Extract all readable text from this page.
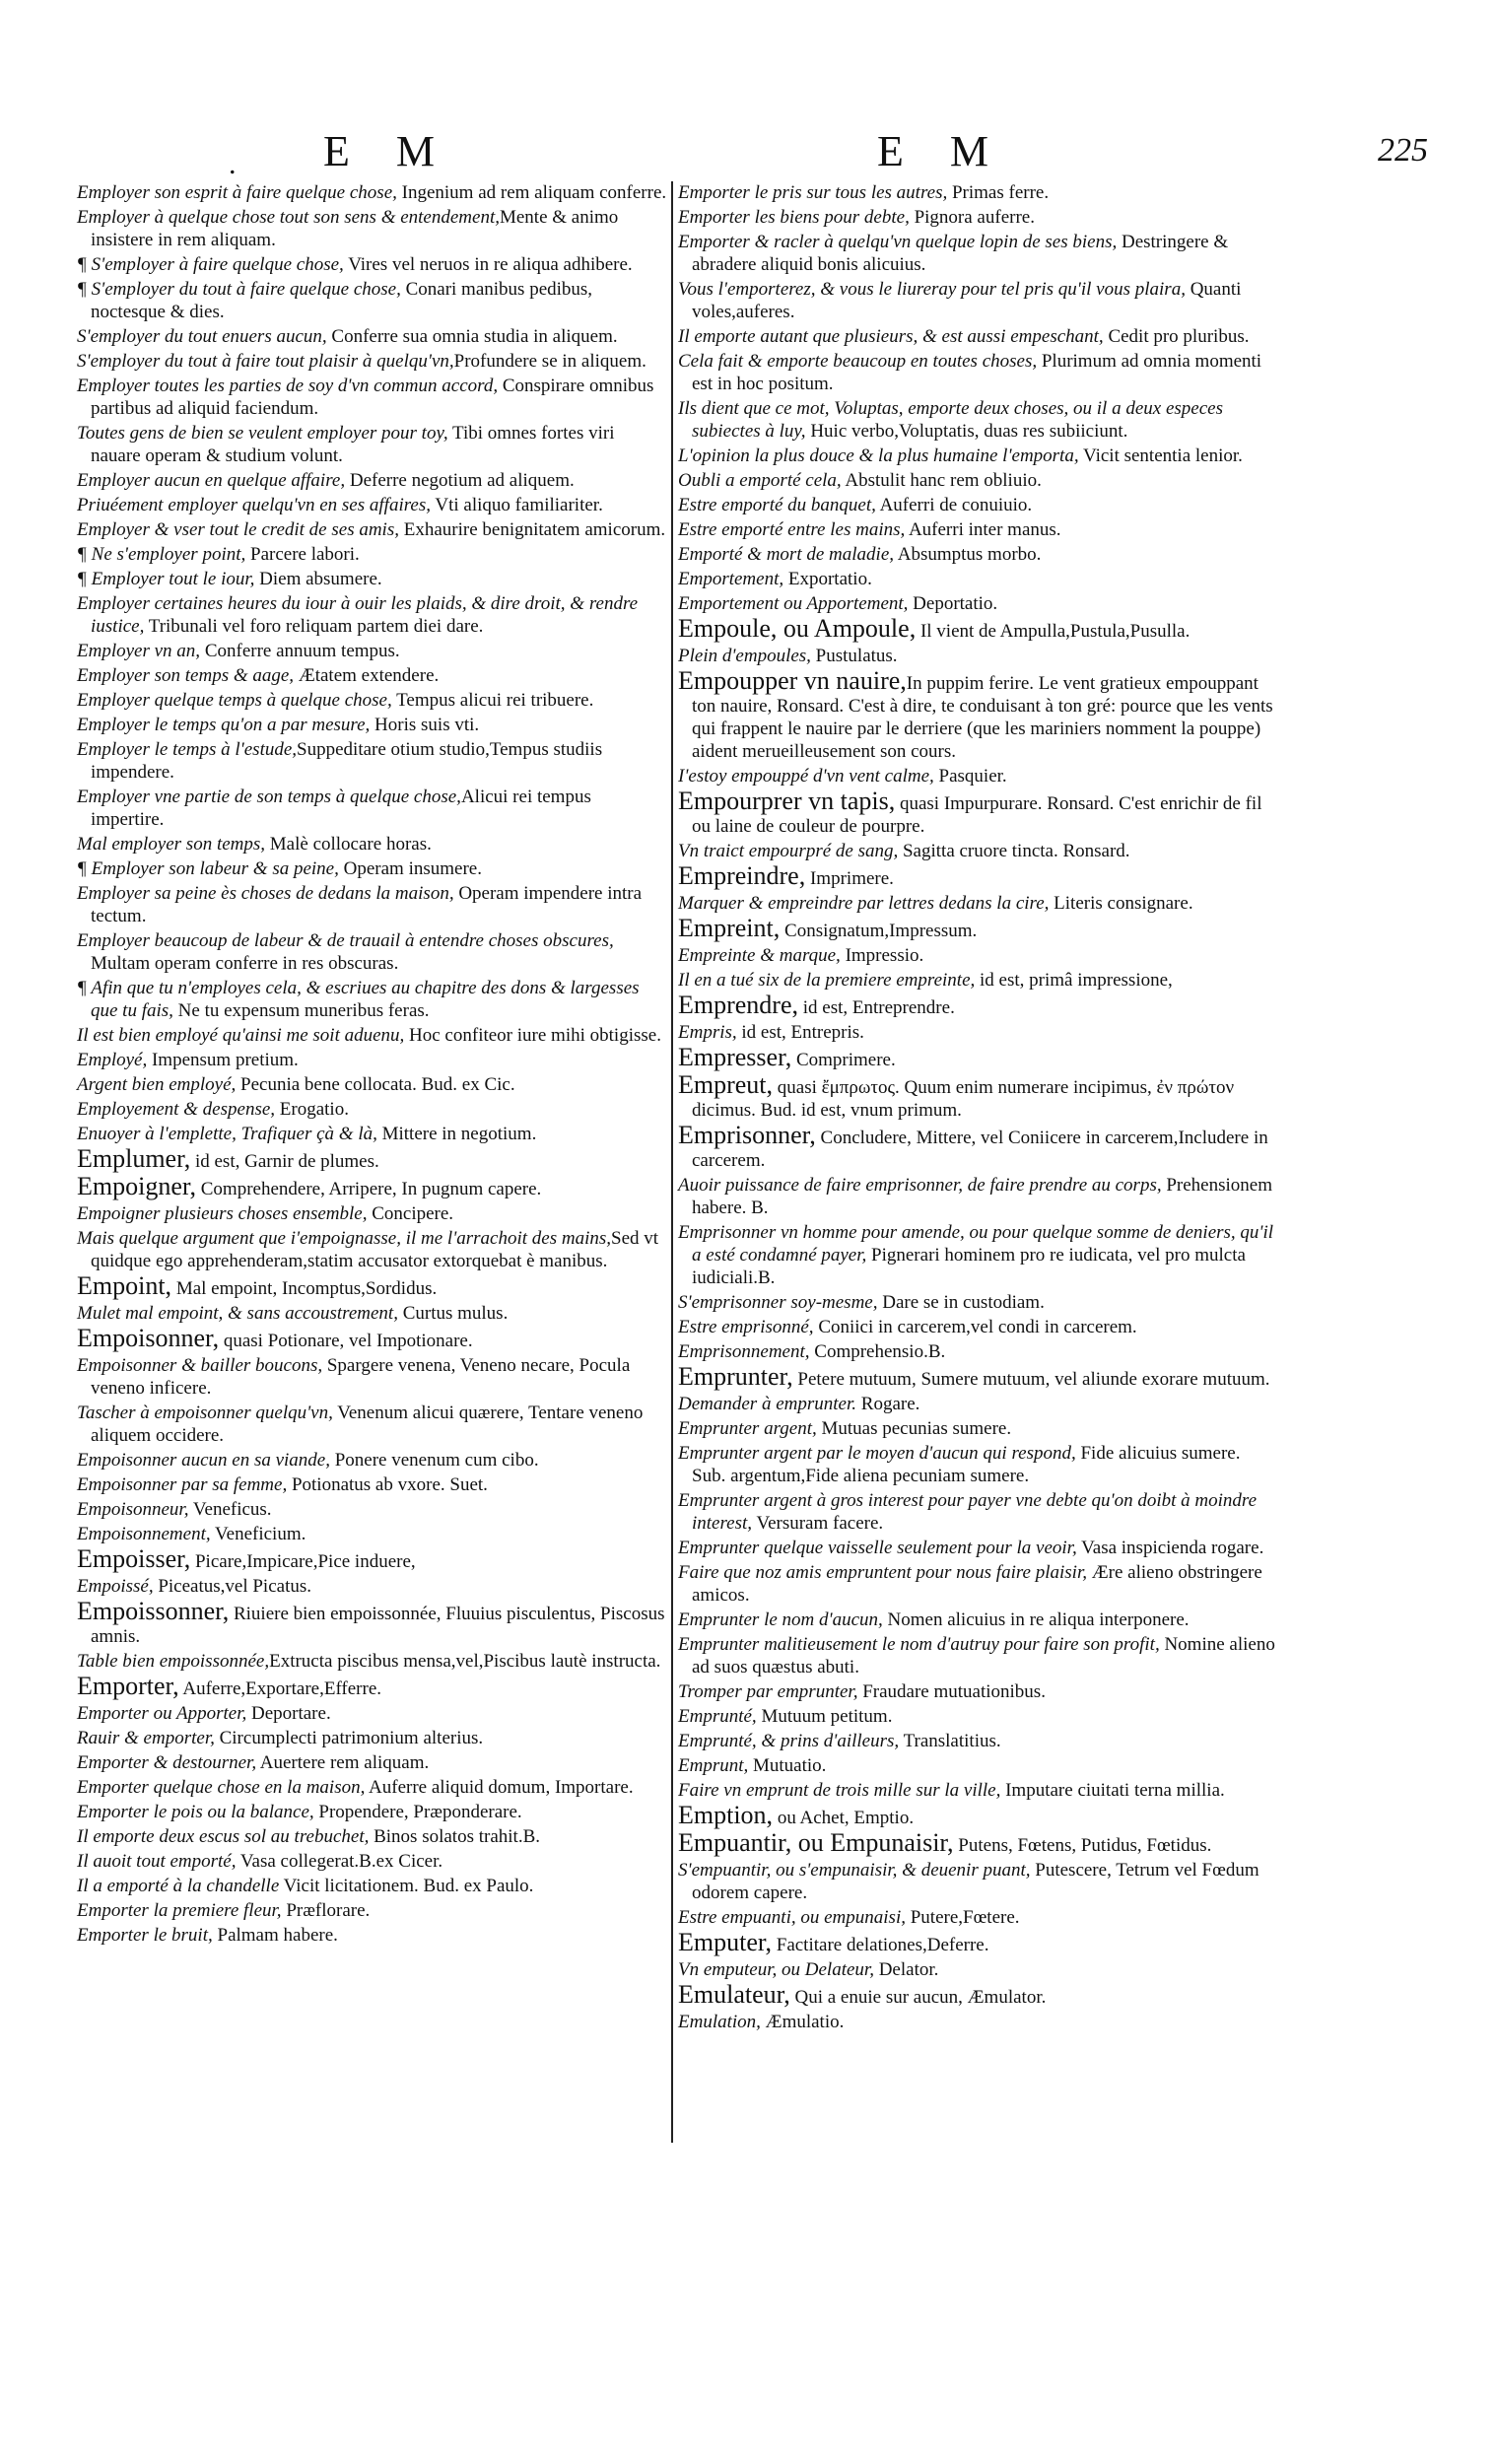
. E M	E M	225
Employer son esprit à faire quelque chose, Ingenium ad rem aliquam conferre.
Employer à quelque chose tout son sens & entendement,Mente & animo insistere in rem aliquam.
¶ S'employer à faire quelque chose, Vires vel neruos in re aliqua adhibere.
¶ S'employer du tout à faire quelque chose, Conari manibus pedibus, noctesque & dies.
S'employer du tout enuers aucun, Conferre sua omnia studia in aliquem.
S'employer du tout à faire tout plaisir à quelqu'vn,Profundere se in aliquem.
Employer toutes les parties de soy d'vn commun accord, Conspirare omnibus partibus ad aliquid faciendum.
Toutes gens de bien se veulent employer pour toy, Tibi omnes fortes viri nauare operam & studium volunt.
Employer aucun en quelque affaire, Deferre negotium ad aliquem.
Priuéement employer quelqu'vn en ses affaires, Vti aliquo familiariter.
Employer & vser tout le credit de ses amis, Exhaurire benignitatem amicorum.
¶ Ne s'employer point, Parcere labori.
¶ Employer tout le iour, Diem absumere.
Employer certaines heures du iour à ouir les plaids, & dire droit, & rendre iustice, Tribunali vel foro reliquam partem diei dare.
Employer vn an, Conferre annuum tempus.
Employer son temps & aage, Ætatem extendere.
Employer quelque temps à quelque chose, Tempus alicui rei tribuere.
Employer le temps qu'on a par mesure, Horis suis vti.
Employer le temps à l'estude,Suppeditare otium studio,Tempus studiis impendere.
Employer vne partie de son temps à quelque chose,Alicui rei tempus impertire.
Mal employer son temps, Malè collocare horas.
¶ Employer son labeur & sa peine, Operam insumere.
Employer sa peine ès choses de dedans la maison, Operam impendere intra tectum.
Employer beaucoup de labeur & de trauail à entendre choses obscures, Multam operam conferre in res obscuras.
¶ Afin que tu n'employes cela, & escriues au chapitre des dons & largesses que tu fais, Ne tu expensum muneribus feras.
Il est bien employé qu'ainsi me soit aduenu, Hoc confiteor iure mihi obtigisse.
Employé, Impensum pretium.
Argent bien employé, Pecunia bene collocata. Bud. ex Cic.
Employement & despense, Erogatio.
Enuoyer à l'emplette, Trafiquer çà & là, Mittere in negotium.
Emplumer, id est, Garnir de plumes.
Empoigner, Comprehendere, Arripere, In pugnum capere.
Empoigner plusieurs choses ensemble, Concipere.
Mais quelque argument que i'empoignasse, il me l'arrachoit des mains,Sed vt quidque ego apprehenderam,statim accusator extorquebat è manibus.
Empoint, Mal empoint, Incomptus,Sordidus.
Mulet mal empoint, & sans accoustrement, Curtus mulus.
Empoisonner, quasi Potionare, vel Impotionare.
Empoisonner & bailler boucons, Spargere venena, Veneno necare, Pocula veneno inficere.
Tascher à empoisonner quelqu'vn, Venenum alicui quærere, Tentare veneno aliquem occidere.
Empoisonner aucun en sa viande, Ponere venenum cum cibo.
Empoisonner par sa femme, Potionatus ab vxore. Suet.
Empoisonneur, Veneficus.
Empoisonnement, Veneficium.
Empoisser, Picare,Impicare,Pice induere,
Empoissé, Piceatus,vel Picatus.
Empoissonner, Riuiere bien empoissonnée, Fluuius pisculentus, Piscosus amnis.
Table bien empoissonnée,Extructa piscibus mensa,vel,Piscibus lautè instructa.
Emporter, Auferre,Exportare,Efferre.
Emporter ou Apporter, Deportare.
Rauir & emporter, Circumplecti patrimonium alterius.
Emporter & destourner, Auertere rem aliquam.
Emporter quelque chose en la maison, Auferre aliquid domum, Importare.
Emporter le pois ou la balance, Propendere, Præponderare.
Il emporte deux escus sol au trebuchet, Binos solatos trahit.B.
Il auoit tout emporté, Vasa collegerat.B.ex Cicer.
Il a emporté à la chandelle Vicit licitationem. Bud. ex Paulo.
Emporter la premiere fleur, Præflorare.
Emporter le bruit, Palmam habere.
Emporter le pris sur tous les autres, Primas ferre.
Emporter les biens pour debte, Pignora auferre.
Emporter & racler à quelqu'vn quelque lopin de ses biens, Destringere & abradere aliquid bonis alicuius.
Vous l'emporterez, & vous le liureray pour tel pris qu'il vous plaira, Quanti voles,auferes.
Il emporte autant que plusieurs, & est aussi empeschant, Cedit pro pluribus.
Cela fait & emporte beaucoup en toutes choses, Plurimum ad omnia momenti est in hoc positum.
Ils dient que ce mot, Voluptas, emporte deux choses, ou il a deux especes subiectes à luy, Huic verbo,Voluptatis, duas res subiiciunt.
L'opinion la plus douce & la plus humaine l'emporta, Vicit sententia lenior.
Oubli a emporté cela, Abstulit hanc rem obliuio.
Estre emporté du banquet, Auferri de conuiuio.
Estre emporté entre les mains, Auferri inter manus.
Emporté & mort de maladie, Absumptus morbo.
Emportement, Exportatio.
Emportement ou Apportement, Deportatio.
Empoule, ou Ampoule, Il vient de Ampulla,Pustula,Pusulla.
Plein d'empoules, Pustulatus.
Empoupper vn nauire,In puppim ferire. Le vent gratieux empouppant ton nauire, Ronsard. C'est à dire, te conduisant à ton gré: pource que les vents qui frappent le nauire par le derriere (que les mariniers nomment la pouppe) aident merueilleusement son cours.
I'estoy empouppé d'vn vent calme, Pasquier.
Empourprer vn tapis, quasi Impurpurare. Ronsard. C'est enrichir de fil ou laine de couleur de pourpre.
Vn traict empourpré de sang, Sagitta cruore tincta. Ronsard.
Empreindre, Imprimere.
Marquer & empreindre par lettres dedans la cire, Literis consignare.
Empreint, Consignatum,Impressum.
Empreinte & marque, Impressio.
Il en a tué six de la premiere empreinte, id est, primâ impressione,
Emprendre, id est, Entreprendre.
Empris, id est, Entrepris.
Empresser, Comprimere.
Empreut, quasi ἔμπρωτος. Quum enim numerare incipimus, ἐν πρώτον dicimus. Bud. id est, vnum primum.
Emprisonner, Concludere, Mittere, vel Coniicere in carcerem,Includere in carcerem.
Auoir puissance de faire emprisonner, de faire prendre au corps, Prehensionem habere. B.
Emprisonner vn homme pour amende, ou pour quelque somme de deniers, qu'il a esté condamné payer, Pignerari hominem pro re iudicata, vel pro mulcta iudiciali.B.
S'emprisonner soy-mesme, Dare se in custodiam.
Estre emprisonné, Coniici in carcerem,vel condi in carcerem.
Emprisonnement, Comprehensio.B.
Emprunter, Petere mutuum, Sumere mutuum, vel aliunde exorare mutuum.
Demander à emprunter. Rogare.
Emprunter argent, Mutuas pecunias sumere.
Emprunter argent par le moyen d'aucun qui respond, Fide alicuius sumere. Sub. argentum,Fide aliena pecuniam sumere.
Emprunter argent à gros interest pour payer vne debte qu'on doibt à moindre interest, Versuram facere.
Emprunter quelque vaisselle seulement pour la veoir, Vasa inspicienda rogare.
Faire que noz amis empruntent pour nous faire plaisir, Ære alieno obstringere amicos.
Emprunter le nom d'aucun, Nomen alicuius in re aliqua interponere.
Emprunter malitieusement le nom d'autruy pour faire son profit, Nomine alieno ad suos quæstus abuti.
Tromper par emprunter, Fraudare mutuationibus.
Emprunté, Mutuum petitum.
Emprunté, & prins d'ailleurs, Translatitius.
Emprunt, Mutuatio.
Faire vn emprunt de trois mille sur la ville, Imputare ciuitati terna millia.
Emption, ou Achet, Emptio.
Empuantir, ou Empunaisir, Putens, Fœtens, Putidus, Fœtidus.
S'empuantir, ou s'empunaisir, & deuenir puant, Putescere, Tetrum vel Fœdum odorem capere.
Estre empuanti, ou empunaisi, Putere,Fœtere.
Emputer, Factitare delationes,Deferre.
Vn emputeur, ou Delateur, Delator.
Emulateur, Qui a enuie sur aucun, Æmulator.
Emulation, Æmulatio.
